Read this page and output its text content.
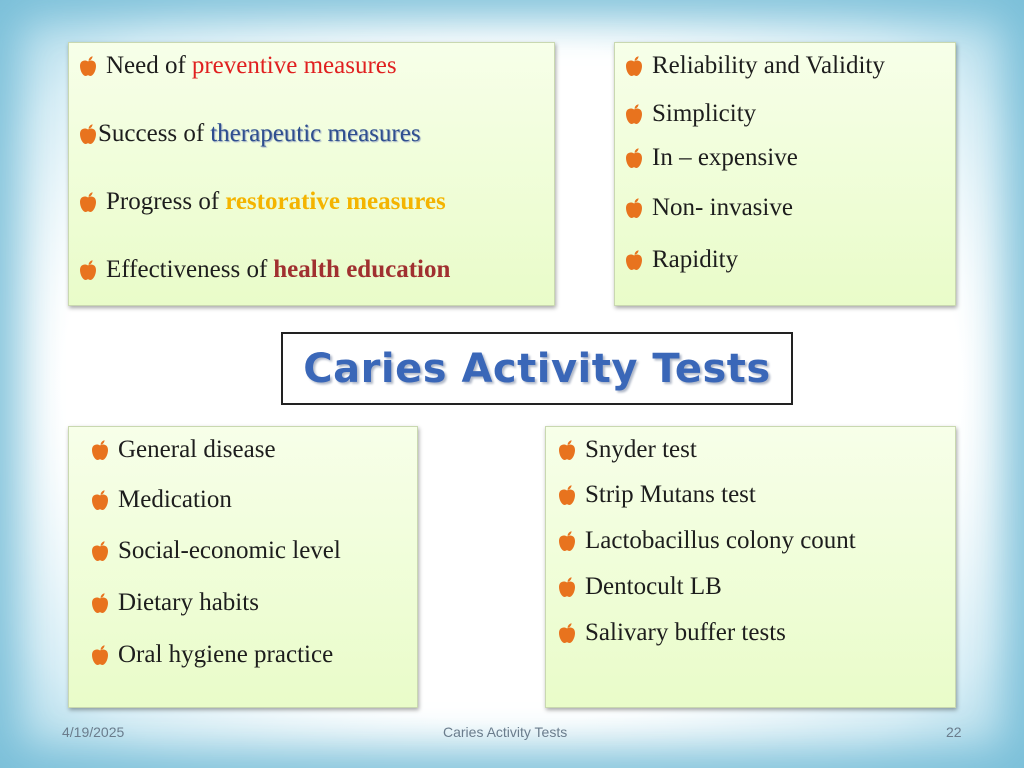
Need of preventive measures
Success of therapeutic measures
Progress of restorative measures
Effectiveness of health education
Reliability and Validity
Simplicity
In – expensive
Non- invasive
Rapidity
Caries Activity Tests
General disease
Medication
Social-economic level
Dietary habits
Oral hygiene practice
Snyder test
Strip Mutans test
Lactobacillus colony count
Dentocult LB
Salivary buffer tests
4/19/2025	Caries Activity Tests	22
